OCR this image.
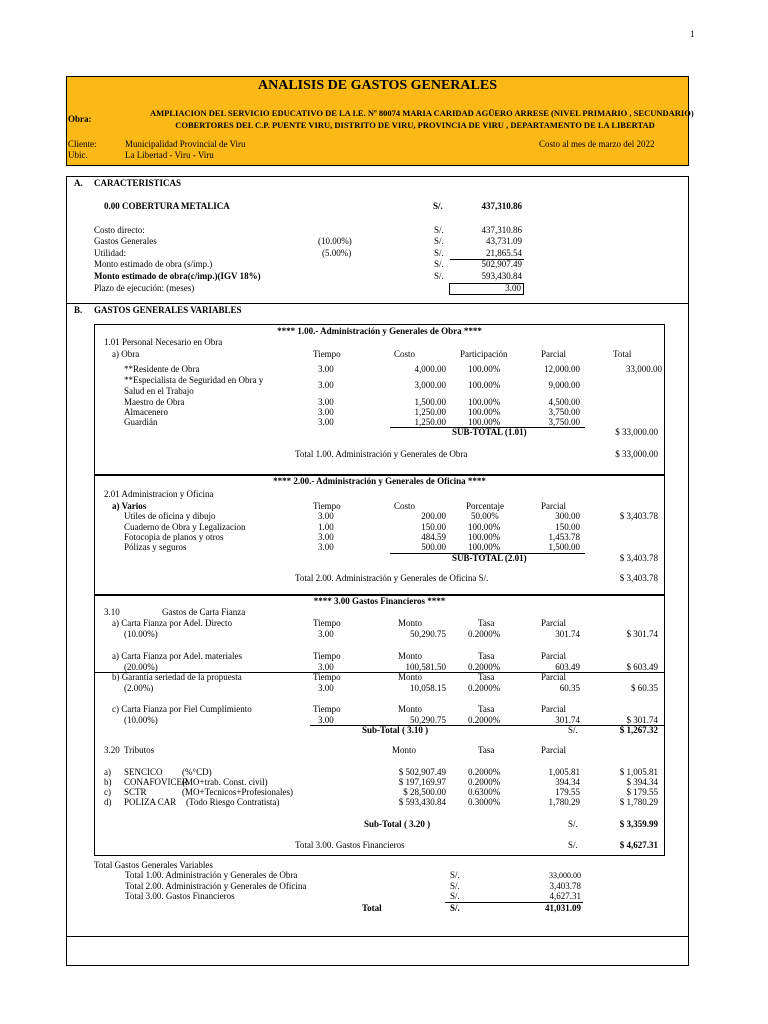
1
ANALISIS DE GASTOS GENERALES
Obra:
AMPLIACION DEL SERVICIO EDUCATIVO DE LA I.E. Nº 80074 MARIA CARIDAD AGÜERO ARRESE (NIVEL PRIMARIO , SECUNDARIO)
COBERTORES DEL C.P. PUENTE VIRU, DISTRITO DE VIRU, PROVINCIA DE VIRU , DEPARTAMENTO DE LA LIBERTAD
Cliente:	Municipalidad Provincial de Viru	Costo al mes de marzo del 2022
Ubic.	La Libertad - Viru - Viru
A. CARACTERISTICAS
0.00 COBERTURA METALICA	S/.	437,310.86
Costo directo:	S/.	437,310.86
Gastos Generales	(10.00%)	S/.	43,731.09
Utilidad:	(5.00%)	S/.	21,865.54
Monto estimado de obra (s/imp.)	S/.	502,907.49
Monto estimado de obra(c/imp.)(IGV 18%)	S/.	593,430.84
Plazo de ejecución: (meses)	3.00
B. GASTOS GENERALES VARIABLES
**** 1.00.- Administración y Generales de Obra ****
1.01 Personal Necesario en Obra
a) Obra	Tiempo	Costo	Participación	Parcial	Total
**Residente de Obra	3.00	4,000.00 100.00%	12,000.00	33,000.00
**Especialista de Seguridad en Obra y
Salud en el Trabajo
3.00	3,000.00 100.00%	9,000.00
Maestro de Obra	3.00	1,500.00 100.00%	4,500.00
Almacenero	3.00	1,250.00 100.00%	3,750.00
Guardián	3.00	1,250.00 100.00%	3,750.00
SUB-TOTAL (1.01)	$ 33,000.00
Total 1.00. Administración y Generales de Obra	$ 33,000.00
**** 2.00.- Administración y Generales de Oficina ****
2.01 Administracion y Oficina
a) Varios	Tiempo	Costo	Porcentaje	Parcial
Utiles de oficina y dibujo	3.00	200.00	50.00%	300.00	$ 3,403.78
Cuaderno de Obra y Legalizacion	1.00	150.00 100.00%	150.00
Fotocopia de planos y otros	3.00	484.59 100.00%	1,453.78
Pólizas y seguros	3.00	500.00 100.00%	1,500.00
SUB-TOTAL (2.01)	$ 3,403.78
Total 2.00. Administración y Generales de Oficina S/.	$ 3,403.78
**** 3.00 Gastos Financieros ****
3.10	Gastos de Carta Fianza
a) Carta Fianza por Adel. Directo	Tiempo	Monto	Tasa	Parcial
(10.00%)	3.00	50,290.75 0.2000%	301.74	$ 301.74
a) Carta Fianza por Adel. materiales	Tiempo	Monto	Tasa	Parcial
(20.00%)	3.00	100,581.50 0.2000%	603.49	$ 603.49
b) Garantía seriedad de la propuesta	Tiempo	Monto	Tasa	Parcial
(2.00%)	3.00	10,058.15 0.2000%	60.35	$ 60.35
c) Carta Fianza por Fiel Cumplimiento	Tiempo	Monto	Tasa	Parcial
(10.00%)	3.00	50,290.75 0.2000%	301.74	$ 301.74
Sub-Total ( 3.10 )	S/.	$ 1,267.32
3.20 Tributos	Monto	Tasa	Parcial
a) SENCICO (%°CD)	$ 502,907.49 0.2000%	1,005.81	$ 1,005.81
b) CONAFOVICER
(MO+trab. Const. civil)	$ 197,169.97 0.2000%	394.34	$ 394.34
c) SCTR	(MO+Tecnicos+Profesionales)	$ 28,500.00 0.6300%	179.55	$ 179.55
d) POLIZA CAR (Todo Riesgo Contratista)	$ 593,430.84 0.3000%	1,780.29	$ 1,780.29
Sub-Total ( 3.20 )	S/.	$ 3,359.99
Total 3.00. Gastos Financieros	S/.	$ 4,627.31
Total Gastos Generales Variables
Total 1.00. Administración y Generales de Obra	S/.	33,000.00
Total 2.00. Administración y Generales de Oficina	S/.	3,403.78
Total 3.00. Gastos Financieros	S/.	4,627.31
Total	S/.	41,031.09
